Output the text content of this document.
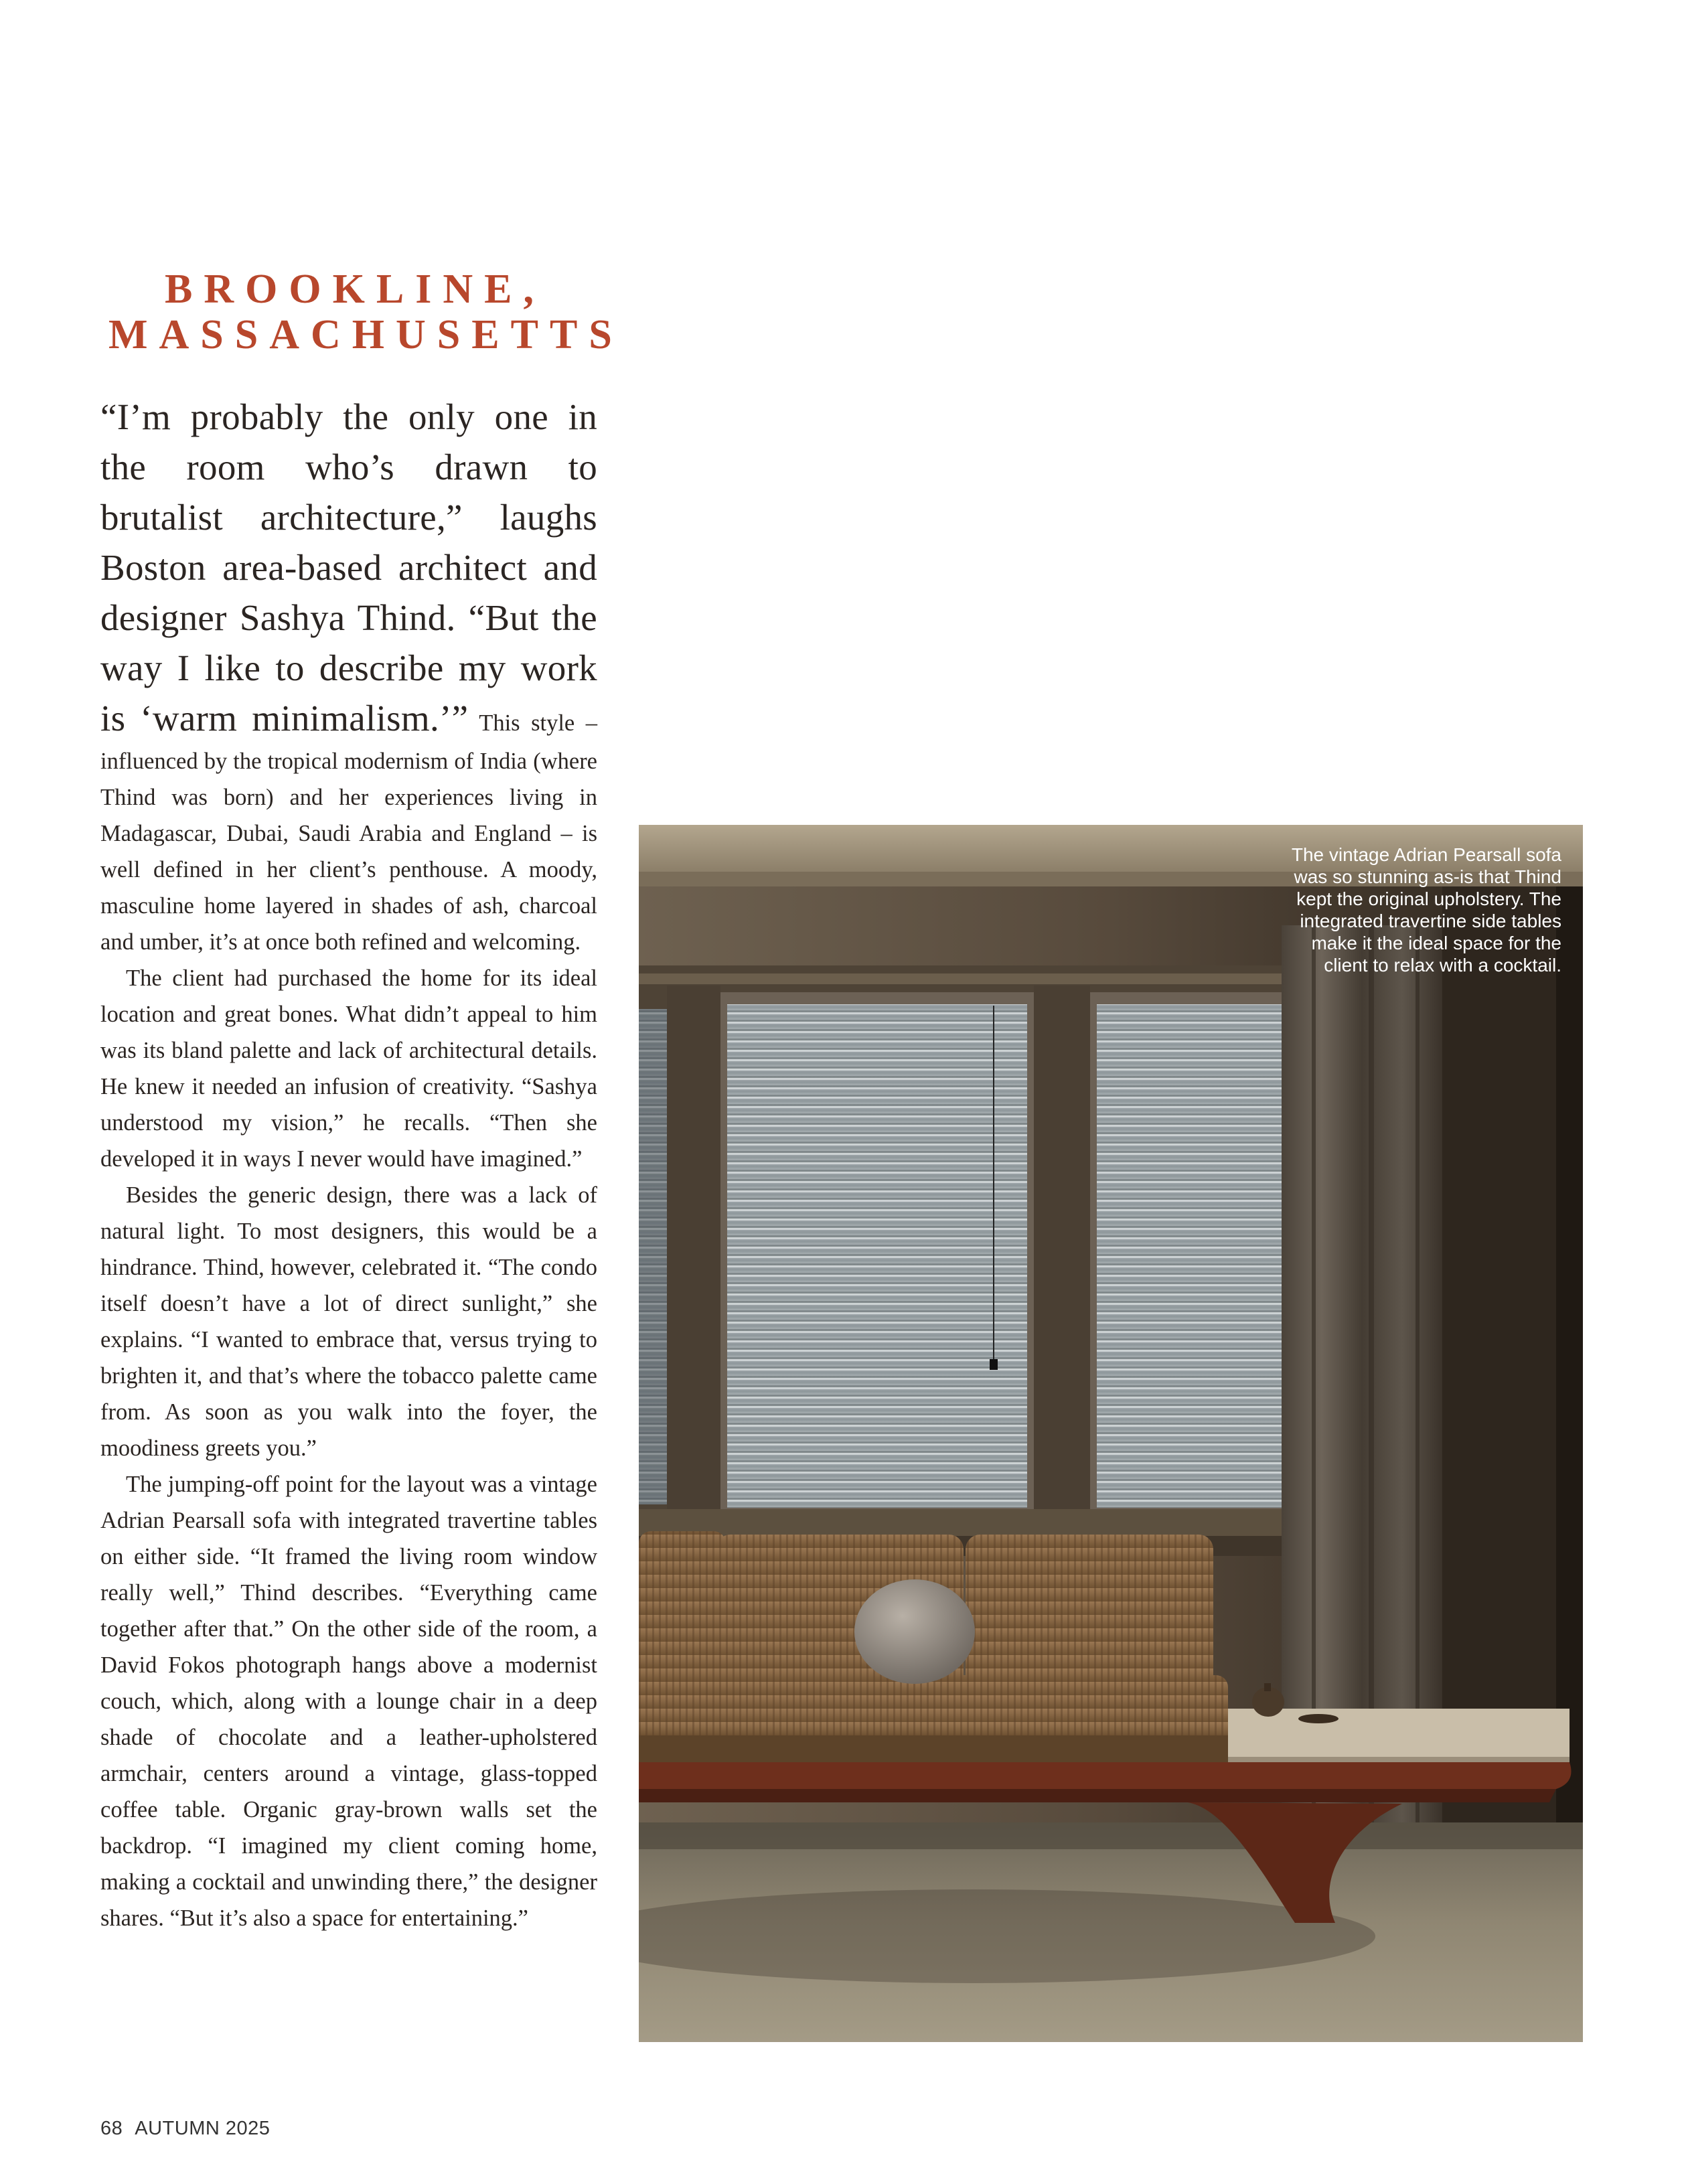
BROOKLINE,
MASSACHUSETTS

“I’m probably the only one in the room who’s drawn to brutalist architecture,” laughs Boston area-based architect and designer Sashya Thind. “But the way I like to describe my work is ‘warm minimalism.’” This style – influenced by the tropical modernism of India (where Thind was born) and her experiences living in Madagascar, Dubai, Saudi Arabia and England – is well defined in her client’s penthouse. A moody, masculine home layered in shades of ash, charcoal and umber, it’s at once both refined and welcoming.

The client had purchased the home for its ideal location and great bones. What didn’t appeal to him was its bland palette and lack of architectural details. He knew it needed an infusion of creativity. “Sashya understood my vision,” he recalls. “Then she developed it in ways I never would have imagined.”

Besides the generic design, there was a lack of natural light. To most designers, this would be a hindrance. Thind, however, celebrated it. “The condo itself doesn’t have a lot of direct sunlight,” she explains. “I wanted to embrace that, versus trying to brighten it, and that’s where the tobacco palette came from. As soon as you walk into the foyer, the moodiness greets you.”

The jumping-off point for the layout was a vintage Adrian Pearsall sofa with integrated travertine tables on either side. “It framed the living room window really well,” Thind describes. “Everything came together after that.” On the other side of the room, a David Fokos photograph hangs above a modernist couch, which, along with a lounge chair in a deep shade of chocolate and a leather-upholstered armchair, centers around a vintage, glass-topped coffee table. Organic gray-brown walls set the backdrop. “I imagined my client coming home, making a cocktail and unwinding there,” the designer shares. “But it’s also a space for entertaining.”

The vintage Adrian Pearsall sofa was so stunning as-is that Thind kept the original upholstery. The integrated travertine side tables make it the ideal space for the client to relax with a cocktail.
68 AUTUMN 2025
